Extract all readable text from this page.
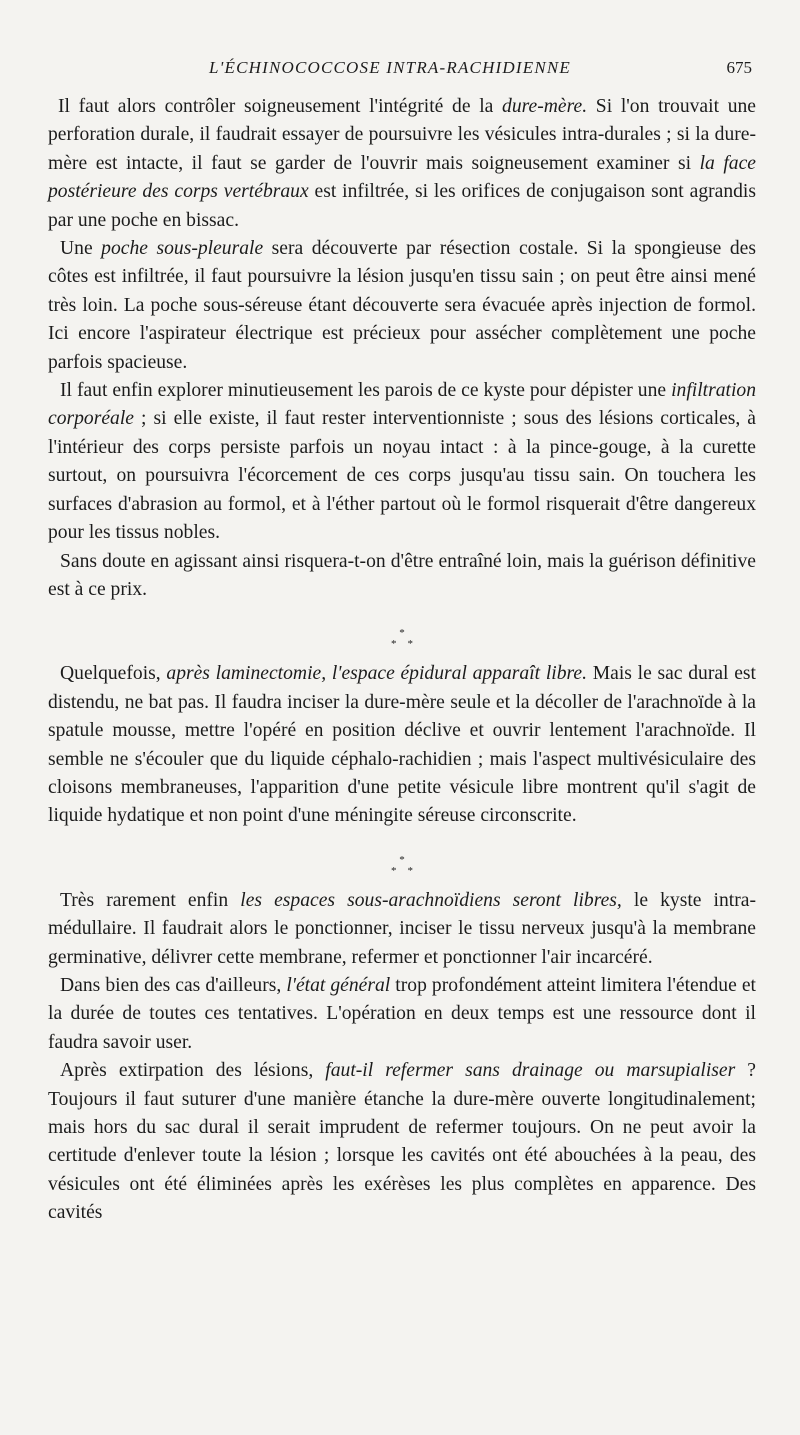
L'ÉCHINOCOCCOSE INTRA-RACHIDIENNE	675

Il faut alors contrôler soigneusement l'intégrité de la dure-mère. Si l'on trouvait une perforation durale, il faudrait essayer de poursuivre les vésicules intra-durales ; si la dure-mère est intacte, il faut se garder de l'ouvrir mais soigneusement examiner si la face postérieure des corps vertébraux est infiltrée, si les orifices de conjugaison sont agrandis par une poche en bissac.

Une poche sous-pleurale sera découverte par résection costale. Si la spongieuse des côtes est infiltrée, il faut poursuivre la lésion jusqu'en tissu sain ; on peut être ainsi mené très loin. La poche sous-séreuse étant découverte sera évacuée après injection de formol. Ici encore l'aspirateur électrique est précieux pour assécher complètement une poche parfois spacieuse.

Il faut enfin explorer minutieusement les parois de ce kyste pour dépister une infiltration corporéale ; si elle existe, il faut rester interventionniste ; sous des lésions corticales, à l'intérieur des corps persiste parfois un noyau intact : à la pince-gouge, à la curette surtout, on poursuivra l'écorcement de ces corps jusqu'au tissu sain. On touchera les surfaces d'abrasion au formol, et à l'éther partout où le formol risquerait d'être dangereux pour les tissus nobles.

Sans doute en agissant ainsi risquera-t-on d'être entraîné loin, mais la guérison définitive est à ce prix.

*
* *

Quelquefois, après laminectomie, l'espace épidural apparaît libre. Mais le sac dural est distendu, ne bat pas. Il faudra inciser la dure-mère seule et la décoller de l'arachnoïde à la spatule mousse, mettre l'opéré en position déclive et ouvrir lentement l'arachnoïde. Il semble ne s'écouler que du liquide céphalo-rachidien ; mais l'aspect multivésiculaire des cloisons membraneuses, l'apparition d'une petite vésicule libre montrent qu'il s'agit de liquide hydatique et non point d'une méningite séreuse circonscrite.

*
* *

Très rarement enfin les espaces sous-arachnoïdiens seront libres, le kyste intra-médullaire. Il faudrait alors le ponctionner, inciser le tissu nerveux jusqu'à la membrane germinative, délivrer cette membrane, refermer et ponctionner l'air incarcéré.

Dans bien des cas d'ailleurs, l'état général trop profondément atteint limitera l'étendue et la durée de toutes ces tentatives. L'opération en deux temps est une ressource dont il faudra savoir user.

Après extirpation des lésions, faut-il refermer sans drainage ou marsupialiser ? Toujours il faut suturer d'une manière étanche la dure-mère ouverte longitudinalement; mais hors du sac dural il serait imprudent de refermer toujours. On ne peut avoir la certitude d'enlever toute la lésion ; lorsque les cavités ont été abouchées à la peau, des vésicules ont été éliminées après les exérèses les plus complètes en apparence. Des cavités
